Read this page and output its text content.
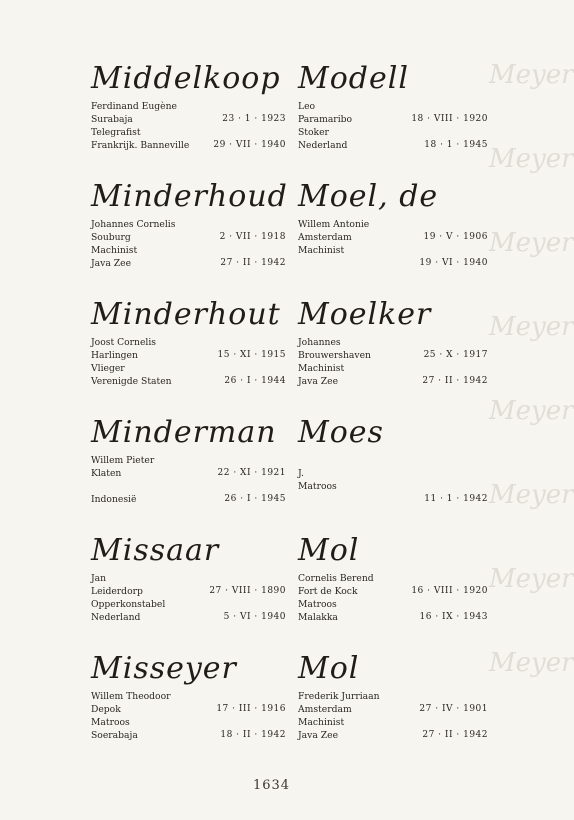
Meyer
Meyer
Meyer
Meyer
Meyer
Meyer
Meyer
Meyer
Middelkoop
Ferdinand Eugène
Surabaja	23 · 1 · 1923
Telegrafist
Frankrijk. Banneville	29 · VII · 1940
Minderhoud
Johannes Cornelis
Souburg	2 · VII · 1918
Machinist
Java Zee	27 · II · 1942
Minderhout
Joost Cornelis
Harlingen	15 · XI · 1915
Vlieger
Verenigde Staten	26 · I · 1944
Minderman
Willem Pieter
Klaten	22 · XI · 1921
Indonesië	26 · I · 1945
Missaar
Jan
Leiderdorp	27 · VIII · 1890
Opperkonstabel
Nederland	5 · VI · 1940
Misseyer
Willem Theodoor
Depok	17 · III · 1916
Matroos
Soerabaja	18 · II · 1942
Modell
Leo
Paramaribo	18 · VIII · 1920
Stoker
Nederland	18 · 1 · 1945
Moel, de
Willem Antonie
Amsterdam	19 · V · 1906
Machinist
19 · VI · 1940
Moelker
Johannes
Brouwershaven	25 · X · 1917
Machinist
Java Zee	27 · II · 1942
Moes
J.
Matroos
11 · 1 · 1942
Mol
Cornelis Berend
Fort de Kock	16 · VIII · 1920
Matroos
Malakka	16 · IX · 1943
Mol
Frederik Jurriaan
Amsterdam	27 · IV · 1901
Machinist
Java Zee	27 · II · 1942
1634
